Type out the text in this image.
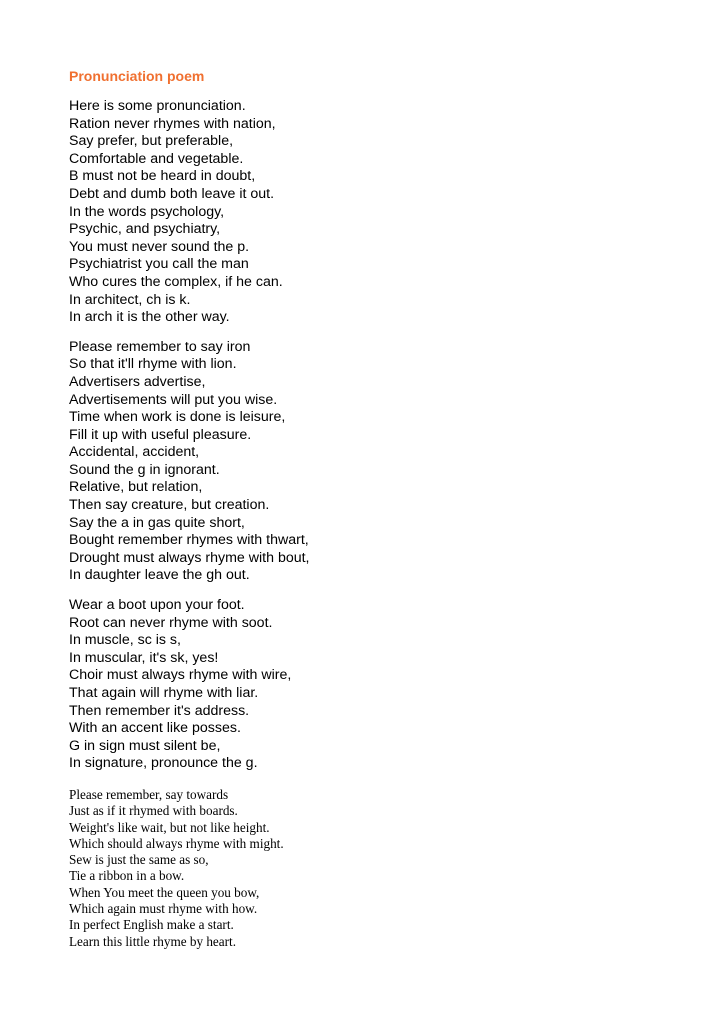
Pronunciation poem
Here is some pronunciation.
Ration never rhymes with nation,
Say prefer, but preferable,
Comfortable and vegetable.
B must not be heard in doubt,
Debt and dumb both leave it out.
In the words psychology,
Psychic, and psychiatry,
You must never sound the p.
Psychiatrist you call the man
Who cures the complex, if he can.
In architect, ch is k.
In arch it is the other way.
Please remember to say iron
So that it'll rhyme with lion.
Advertisers advertise,
Advertisements will put you wise.
Time when work is done is leisure,
Fill it up with useful pleasure.
Accidental, accident,
Sound the g in ignorant.
Relative, but relation,
Then say creature, but creation.
Say the a in gas quite short,
Bought remember rhymes with thwart,
Drought must always rhyme with bout,
In daughter leave the gh out.
Wear a boot upon your foot.
Root can never rhyme with soot.
In muscle, sc is s,
In muscular, it's sk, yes!
Choir must always rhyme with wire,
That again will rhyme with liar.
Then remember it's address.
With an accent like posses.
G in sign must silent be,
In signature, pronounce the g.
Please remember, say towards
Just as if it rhymed with boards.
Weight's like wait, but not like height.
Which should always rhyme with might.
Sew is just the same as so,
Tie a ribbon in a bow.
When You meet the queen you bow,
Which again must rhyme with how.
In perfect English make a start.
Learn this little rhyme by heart.
